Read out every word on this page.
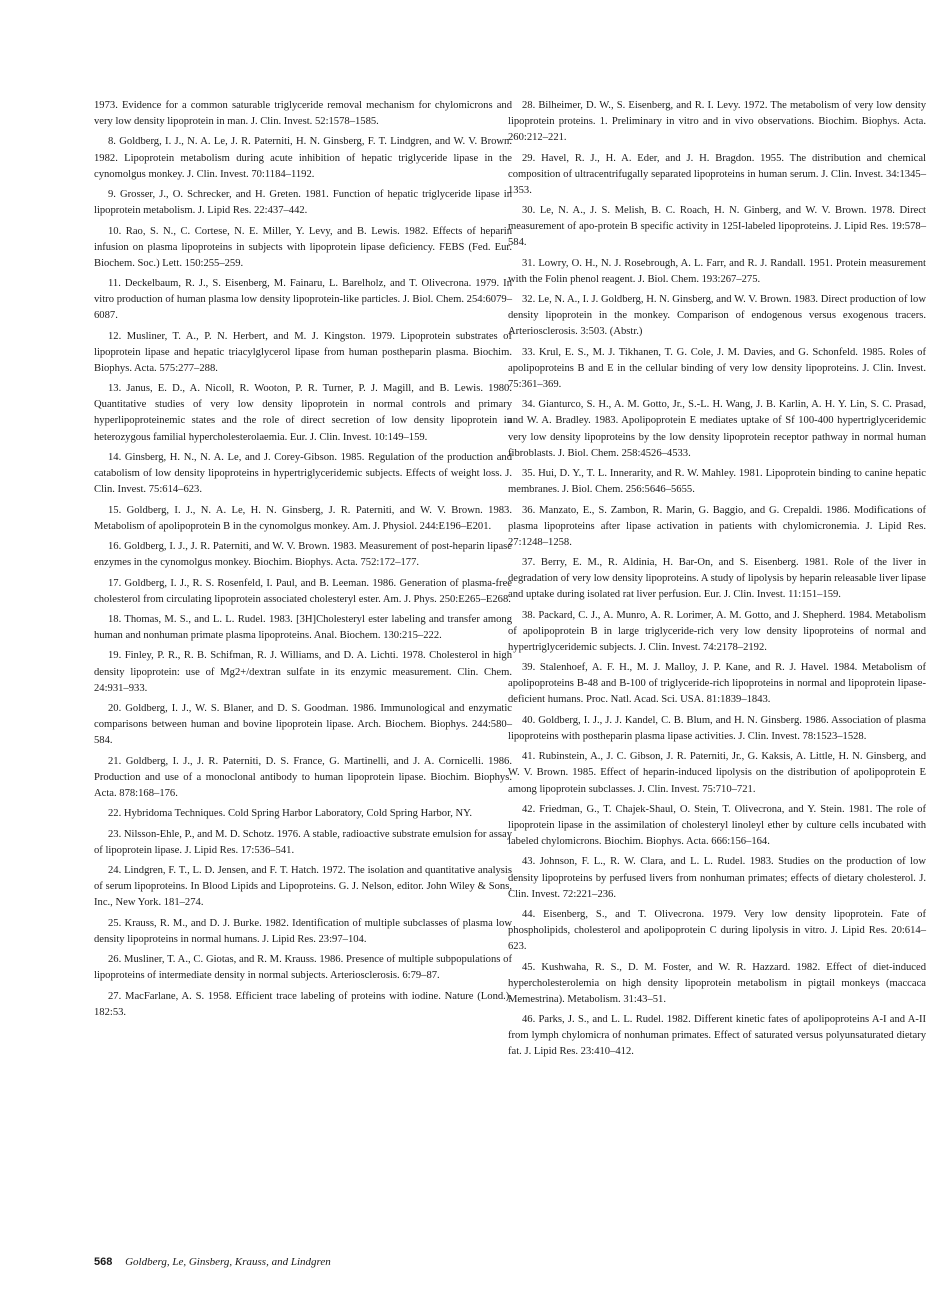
1973. Evidence for a common saturable triglyceride removal mechanism for chylomicrons and very low density lipoprotein in man. J. Clin. Invest. 52:1578–1585.

8. Goldberg, I. J., N. A. Le, J. R. Paterniti, H. N. Ginsberg, F. T. Lindgren, and W. V. Brown. 1982. Lipoprotein metabolism during acute inhibition of hepatic triglyceride lipase in the cynomolgus monkey. J. Clin. Invest. 70:1184–1192.

9. Grosser, J., O. Schrecker, and H. Greten. 1981. Function of hepatic triglyceride lipase in lipoprotein metabolism. J. Lipid Res. 22:437–442.

10. Rao, S. N., C. Cortese, N. E. Miller, Y. Levy, and B. Lewis. 1982. Effects of heparin infusion on plasma lipoproteins in subjects with lipoprotein lipase deficiency. FEBS (Fed. Eur. Biochem. Soc.) Lett. 150:255–259.

11. Deckelbaum, R. J., S. Eisenberg, M. Fainaru, L. Barelholz, and T. Olivecrona. 1979. In vitro production of human plasma low density lipoprotein-like particles. J. Biol. Chem. 254:6079–6087.

12. Musliner, T. A., P. N. Herbert, and M. J. Kingston. 1979. Lipoprotein substrates of lipoprotein lipase and hepatic triacylglycerol lipase from human postheparin plasma. Biochim. Biophys. Acta. 575:277–288.

13. Janus, E. D., A. Nicoll, R. Wooton, P. R. Turner, P. J. Magill, and B. Lewis. 1980. Quantitative studies of very low density lipoprotein in normal controls and primary hyperlipoproteinemic states and the role of direct secretion of low density lipoprotein in heterozygous familial hypercholesterolaemia. Eur. J. Clin. Invest. 10:149–159.

14. Ginsberg, H. N., N. A. Le, and J. Corey-Gibson. 1985. Regulation of the production and catabolism of low density lipoproteins in hypertriglyceridemic subjects. Effects of weight loss. J. Clin. Invest. 75:614–623.

15. Goldberg, I. J., N. A. Le, H. N. Ginsberg, J. R. Paterniti, and W. V. Brown. 1983. Metabolism of apolipoprotein B in the cynomolgus monkey. Am. J. Physiol. 244:E196–E201.

16. Goldberg, I. J., J. R. Paterniti, and W. V. Brown. 1983. Measurement of post-heparin lipase enzymes in the cynomolgus monkey. Biochim. Biophys. Acta. 752:172–177.

17. Goldberg, I. J., R. S. Rosenfeld, I. Paul, and B. Leeman. 1986. Generation of plasma-free cholesterol from circulating lipoprotein associated cholesteryl ester. Am. J. Phys. 250:E265–E268.

18. Thomas, M. S., and L. L. Rudel. 1983. [3H]Cholesteryl ester labeling and transfer among human and nonhuman primate plasma lipoproteins. Anal. Biochem. 130:215–222.

19. Finley, P. R., R. B. Schifman, R. J. Williams, and D. A. Lichti. 1978. Cholesterol in high density lipoprotein: use of Mg2+/dextran sulfate in its enzymic measurement. Clin. Chem. 24:931–933.

20. Goldberg, I. J., W. S. Blaner, and D. S. Goodman. 1986. Immunological and enzymatic comparisons between human and bovine lipoprotein lipase. Arch. Biochem. Biophys. 244:580–584.

21. Goldberg, I. J., J. R. Paterniti, D. S. France, G. Martinelli, and J. A. Cornicelli. 1986. Production and use of a monoclonal antibody to human lipoprotein lipase. Biochim. Biophys. Acta. 878:168–176.

22. Hybridoma Techniques. Cold Spring Harbor Laboratory, Cold Spring Harbor, NY.

23. Nilsson-Ehle, P., and M. D. Schotz. 1976. A stable, radioactive substrate emulsion for assay of lipoprotein lipase. J. Lipid Res. 17:536–541.

24. Lindgren, F. T., L. D. Jensen, and F. T. Hatch. 1972. The isolation and quantitative analysis of serum lipoproteins. In Blood Lipids and Lipoproteins. G. J. Nelson, editor. John Wiley & Sons, Inc., New York. 181–274.

25. Krauss, R. M., and D. J. Burke. 1982. Identification of multiple subclasses of plasma low density lipoproteins in normal humans. J. Lipid Res. 23:97–104.

26. Musliner, T. A., C. Giotas, and R. M. Krauss. 1986. Presence of multiple subpopulations of lipoproteins of intermediate density in normal subjects. Arteriosclerosis. 6:79–87.

27. MacFarlane, A. S. 1958. Efficient trace labeling of proteins with iodine. Nature (Lond.). 182:53.

28. Bilheimer, D. W., S. Eisenberg, and R. I. Levy. 1972. The metabolism of very low density lipoprotein proteins. 1. Preliminary in vitro and in vivo observations. Biochim. Biophys. Acta. 260:212–221.

29. Havel, R. J., H. A. Eder, and J. H. Bragdon. 1955. The distribution and chemical composition of ultracentrifugally separated lipoproteins in human serum. J. Clin. Invest. 34:1345–1353.

30. Le, N. A., J. S. Melish, B. C. Roach, H. N. Ginberg, and W. V. Brown. 1978. Direct measurement of apo-protein B specific activity in 125I-labeled lipoproteins. J. Lipid Res. 19:578–584.

31. Lowry, O. H., N. J. Rosebrough, A. L. Farr, and R. J. Randall. 1951. Protein measurement with the Folin phenol reagent. J. Biol. Chem. 193:267–275.

32. Le, N. A., I. J. Goldberg, H. N. Ginsberg, and W. V. Brown. 1983. Direct production of low density lipoprotein in the monkey. Comparison of endogenous versus exogenous tracers. Arteriosclerosis. 3:503. (Abstr.)

33. Krul, E. S., M. J. Tikhanen, T. G. Cole, J. M. Davies, and G. Schonfeld. 1985. Roles of apolipoproteins B and E in the cellular binding of very low density lipoproteins. J. Clin. Invest. 75:361–369.

34. Gianturco, S. H., A. M. Gotto, Jr., S.-L. H. Wang, J. B. Karlin, A. H. Y. Lin, S. C. Prasad, and W. A. Bradley. 1983. Apolipoprotein E mediates uptake of Sf 100-400 hypertriglyceridemic very low density lipoproteins by the low density lipoprotein receptor pathway in normal human fibroblasts. J. Biol. Chem. 258:4526–4533.

35. Hui, D. Y., T. L. Innerarity, and R. W. Mahley. 1981. Lipoprotein binding to canine hepatic membranes. J. Biol. Chem. 256:5646–5655.

36. Manzato, E., S. Zambon, R. Marin, G. Baggio, and G. Crepaldi. 1986. Modifications of plasma lipoproteins after lipase activation in patients with chylomicronemia. J. Lipid Res. 27:1248–1258.

37. Berry, E. M., R. Aldinia, H. Bar-On, and S. Eisenberg. 1981. Role of the liver in degradation of very low density lipoproteins. A study of lipolysis by heparin releasable liver lipase and uptake during isolated rat liver perfusion. Eur. J. Clin. Invest. 11:151–159.

38. Packard, C. J., A. Munro, A. R. Lorimer, A. M. Gotto, and J. Shepherd. 1984. Metabolism of apolipoprotein B in large triglyceride-rich very low density lipoproteins of normal and hypertriglyceridemic subjects. J. Clin. Invest. 74:2178–2192.

39. Stalenhoef, A. F. H., M. J. Malloy, J. P. Kane, and R. J. Havel. 1984. Metabolism of apolipoproteins B-48 and B-100 of triglyceride-rich lipoproteins in normal and lipoprotein lipase-deficient humans. Proc. Natl. Acad. Sci. USA. 81:1839–1843.

40. Goldberg, I. J., J. J. Kandel, C. B. Blum, and H. N. Ginsberg. 1986. Association of plasma lipoproteins with postheparin plasma lipase activities. J. Clin. Invest. 78:1523–1528.

41. Rubinstein, A., J. C. Gibson, J. R. Paterniti, Jr., G. Kaksis, A. Little, H. N. Ginsberg, and W. V. Brown. 1985. Effect of heparin-induced lipolysis on the distribution of apolipoprotein E among lipoprotein subclasses. J. Clin. Invest. 75:710–721.

42. Friedman, G., T. Chajek-Shaul, O. Stein, T. Olivecrona, and Y. Stein. 1981. The role of lipoprotein lipase in the assimilation of cholesteryl linoleyl ether by culture cells incubated with labeled chylomicrons. Biochim. Biophys. Acta. 666:156–164.

43. Johnson, F. L., R. W. Clara, and L. L. Rudel. 1983. Studies on the production of low density lipoproteins by perfused livers from nonhuman primates; effects of dietary cholesterol. J. Clin. Invest. 72:221–236.

44. Eisenberg, S., and T. Olivecrona. 1979. Very low density lipoprotein. Fate of phospholipids, cholesterol and apolipoprotein C during lipolysis in vitro. J. Lipid Res. 20:614–623.

45. Kushwaha, R. S., D. M. Foster, and W. R. Hazzard. 1982. Effect of diet-induced hypercholesterolemia on high density lipoprotein metabolism in pigtail monkeys (maccaca Memestrina). Metabolism. 31:43–51.

46. Parks, J. S., and L. L. Rudel. 1982. Different kinetic fates of apolipoproteins A-I and A-II from lymph chylomicra of nonhuman primates. Effect of saturated versus polyunsaturated dietary fat. J. Lipid Res. 23:410–412.

568 Goldberg, Le, Ginsberg, Krauss, and Lindgren
